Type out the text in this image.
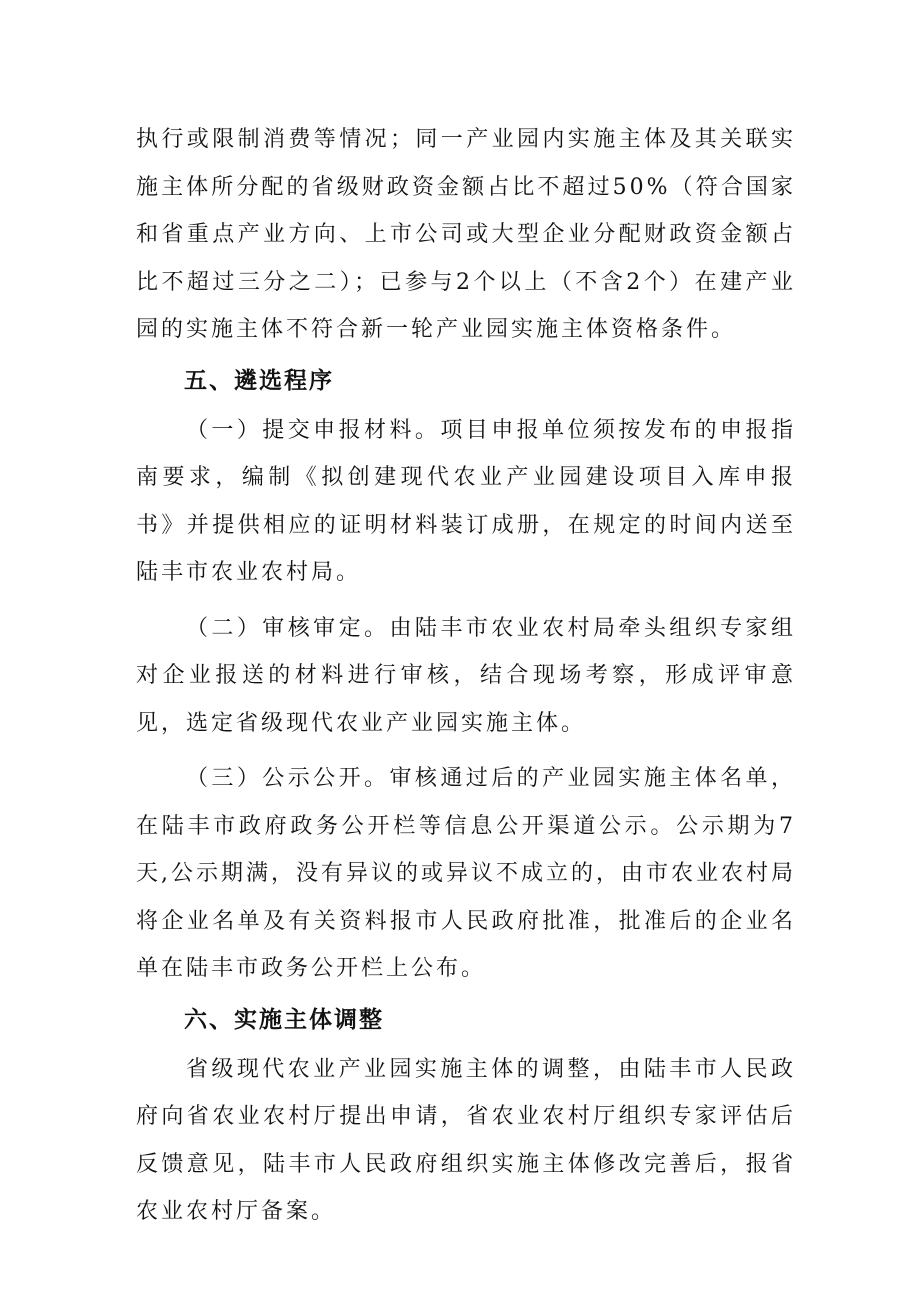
执行或限制消费等情况；同一产业园内实施主体及其关联实施主体所分配的省级财政资金额占比不超过50%（符合国家和省重点产业方向、上市公司或大型企业分配财政资金额占比不超过三分之二）；已参与2个以上（不含2个）在建产业园的实施主体不符合新一轮产业园实施主体资格条件。

五、遴选程序

（一）提交申报材料。项目申报单位须按发布的申报指南要求，编制《拟创建现代农业产业园建设项目入库申报书》并提供相应的证明材料装订成册，在规定的时间内送至陆丰市农业农村局。

（二）审核审定。由陆丰市农业农村局牵头组织专家组对企业报送的材料进行审核，结合现场考察，形成评审意见，选定省级现代农业产业园实施主体。

（三）公示公开。审核通过后的产业园实施主体名单，在陆丰市政府政务公开栏等信息公开渠道公示。公示期为7天,公示期满，没有异议的或异议不成立的，由市农业农村局将企业名单及有关资料报市人民政府批准，批准后的企业名单在陆丰市政务公开栏上公布。

六、实施主体调整

省级现代农业产业园实施主体的调整，由陆丰市人民政府向省农业农村厅提出申请，省农业农村厅组织专家评估后反馈意见，陆丰市人民政府组织实施主体修改完善后，报省农业农村厅备案。
